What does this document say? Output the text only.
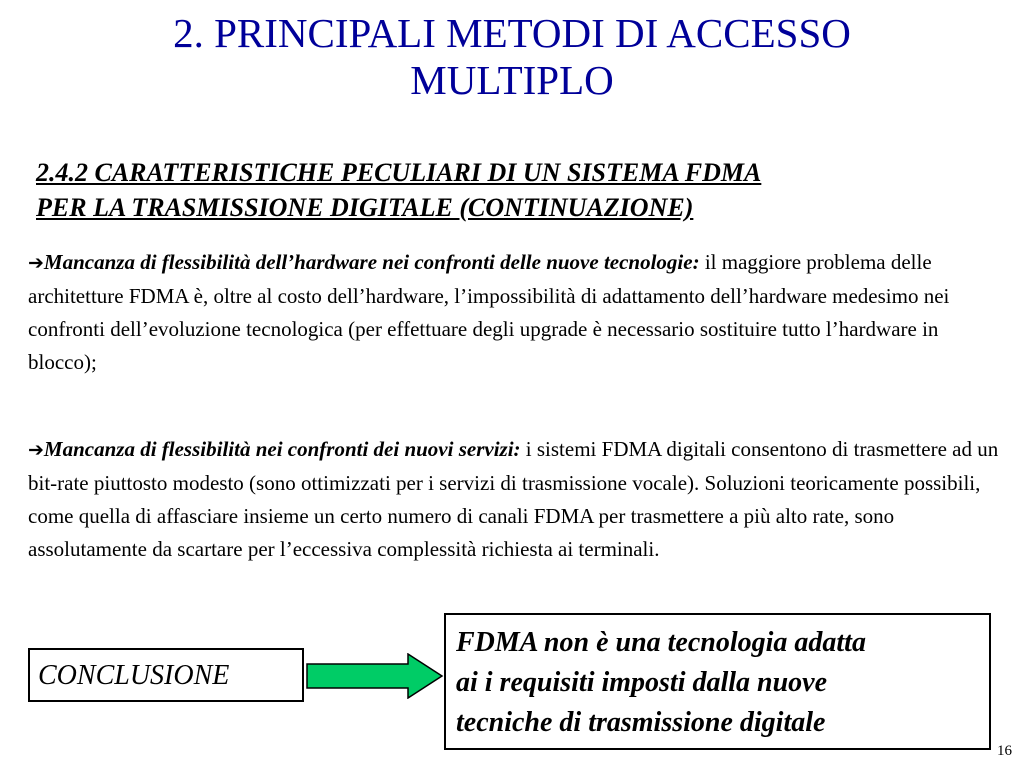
2. PRINCIPALI METODI DI ACCESSO
MULTIPLO
2.4.2 CARATTERISTICHE PECULIARI DI UN SISTEMA FDMA
PER LA TRASMISSIONE DIGITALE (CONTINUAZIONE)
➔Mancanza di flessibilità dell’hardware nei confronti delle nuove tecnologie: il maggiore problema delle architetture FDMA è, oltre al costo dell’hardware, l’impossibilità di adattamento dell’hardware medesimo nei confronti dell’evoluzione tecnologica (per effettuare degli upgrade è necessario sostituire tutto l’hardware in blocco);
➔Mancanza di flessibilità nei confronti dei nuovi servizi: i sistemi FDMA digitali consentono di trasmettere ad un bit-rate piuttosto modesto (sono ottimizzati per i servizi di trasmissione vocale). Soluzioni teoricamente possibili, come quella di affasciare insieme un certo numero di canali FDMA per trasmettere a più alto rate, sono assolutamente da scartare per l’eccessiva complessità richiesta ai terminali.
CONCLUSIONE
FDMA non è una tecnologia adatta
ai i requisiti imposti dalla nuove
tecniche di trasmissione digitale
16
